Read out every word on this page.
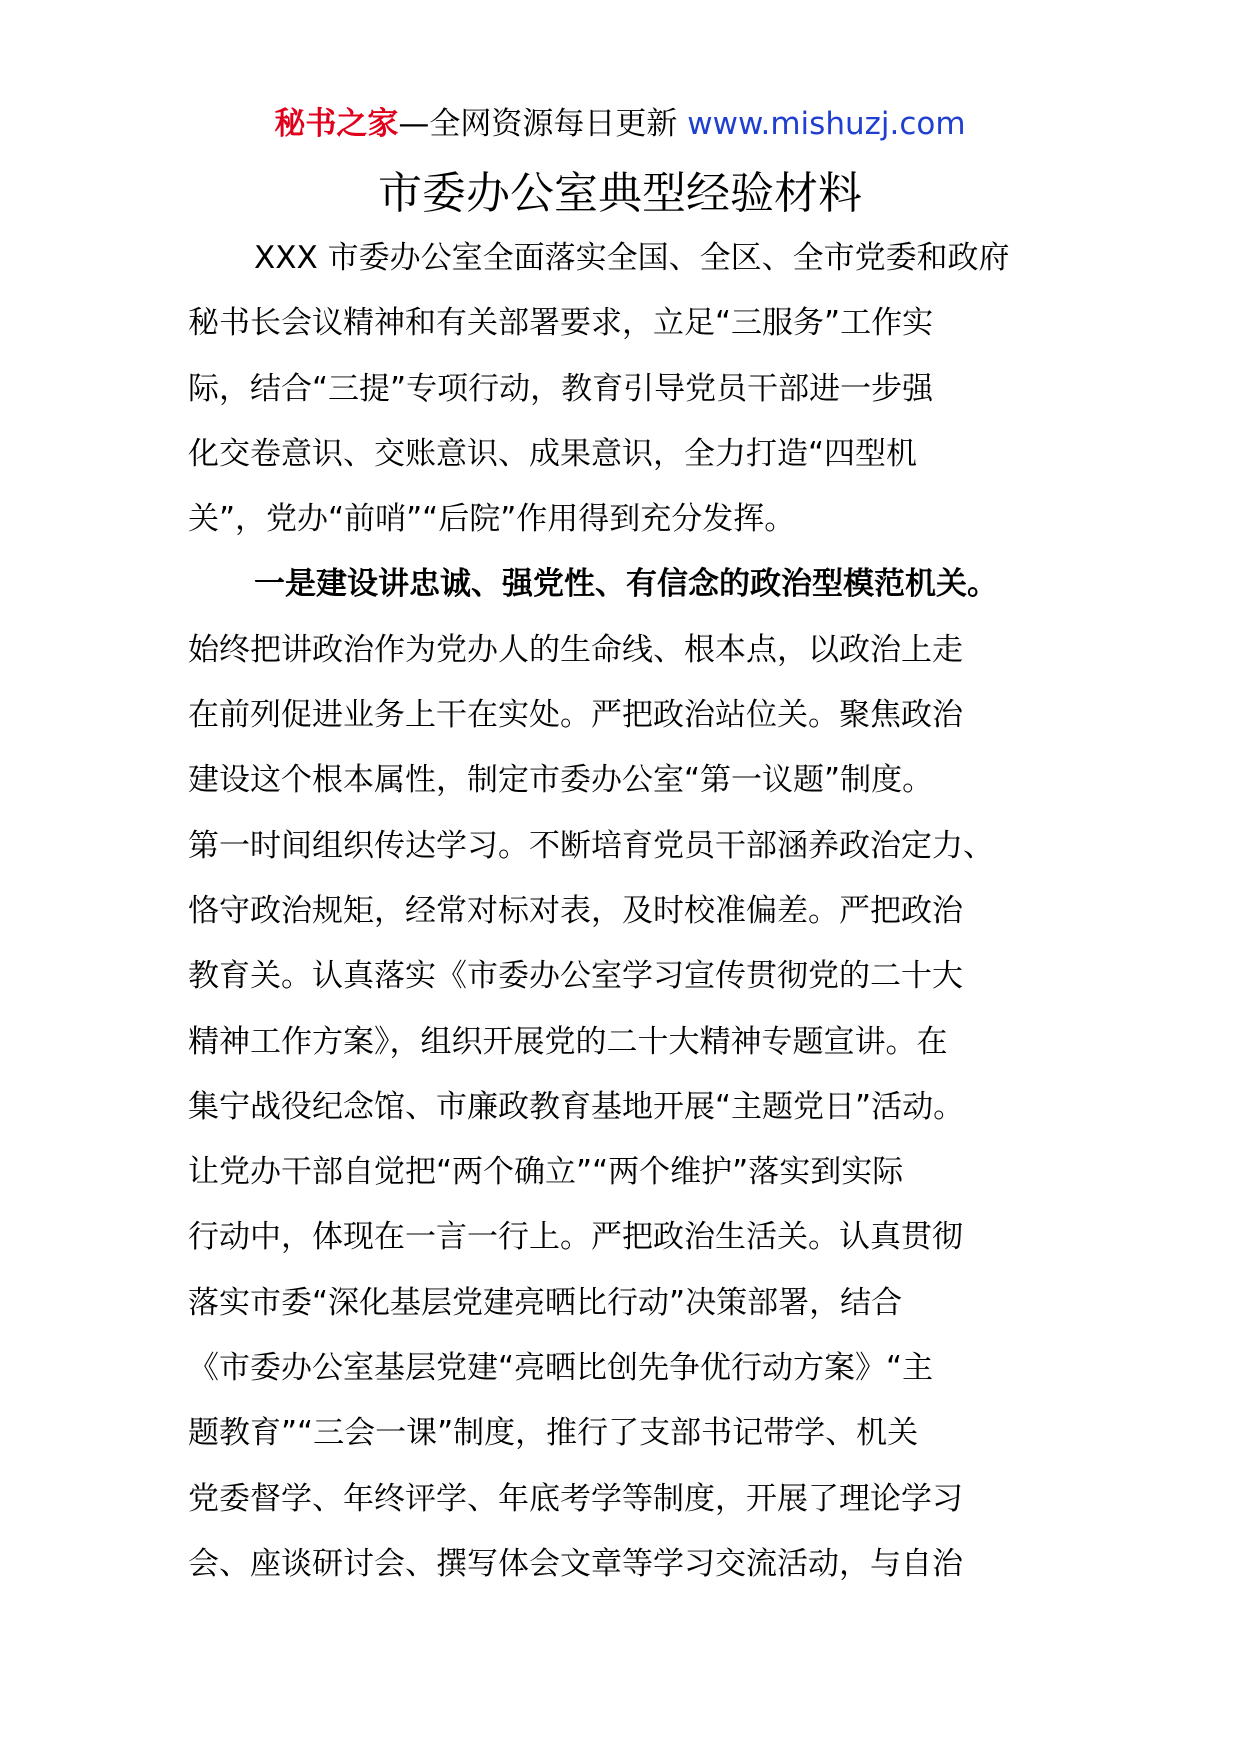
秘书之家—全网资源每日更新 www.mishuzj.com
市委办公室典型经验材料
XXX 市委办公室全面落实全国、全区、全市党委和政府
秘书长会议精神和有关部署要求，立足“三服务”工作实
际，结合“三提”专项行动，教育引导党员干部进一步强
化交卷意识、交账意识、成果意识，全力打造“四型机
关”，党办“前哨”“后院”作用得到充分发挥。
一是建设讲忠诚、强党性、有信念的政治型模范机关。
始终把讲政治作为党办人的生命线、根本点，以政治上走
在前列促进业务上干在实处。严把政治站位关。聚焦政治
建设这个根本属性，制定市委办公室“第一议题”制度。
第一时间组织传达学习。不断培育党员干部涵养政治定力、
恪守政治规矩，经常对标对表，及时校准偏差。严把政治
教育关。认真落实《市委办公室学习宣传贯彻党的二十大
精神工作方案》，组织开展党的二十大精神专题宣讲。在
集宁战役纪念馆、市廉政教育基地开展“主题党日”活动。
让党办干部自觉把“两个确立”“两个维护”落实到实际
行动中，体现在一言一行上。严把政治生活关。认真贯彻
落实市委“深化基层党建亮晒比行动”决策部署，结合
《市委办公室基层党建“亮晒比创先争优行动方案》“主
题教育”“三会一课”制度，推行了支部书记带学、机关
党委督学、年终评学、年底考学等制度，开展了理论学习
会、座谈研讨会、撰写体会文章等学习交流活动，与自治
